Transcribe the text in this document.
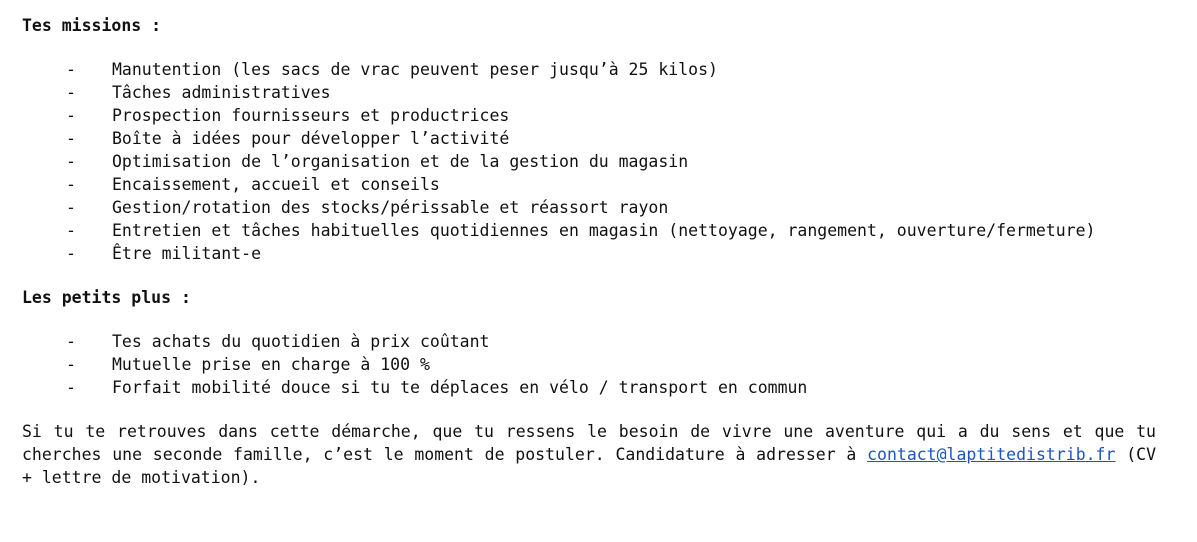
Tes missions :

- Manutention (les sacs de vrac peuvent peser jusqu’à 25 kilos)
- Tâches administratives
- Prospection fournisseurs et productrices
- Boîte à idées pour développer l’activité
- Optimisation de l’organisation et de la gestion du magasin
- Encaissement, accueil et conseils
- Gestion/rotation des stocks/périssable et réassort rayon
- Entretien et tâches habituelles quotidiennes en magasin (nettoyage, rangement, ouverture/fermeture)
- Être militant-e

Les petits plus :

- Tes achats du quotidien à prix coûtant
- Mutuelle prise en charge à 100 %
- Forfait mobilité douce si tu te déplaces en vélo / transport en commun

Si tu te retrouves dans cette démarche, que tu ressens le besoin de vivre une aventure qui a du sens et que tu cherches une seconde famille, c’est le moment de postuler. Candidature à adresser à contact@laptitedistrib.fr (CV + lettre de motivation).
